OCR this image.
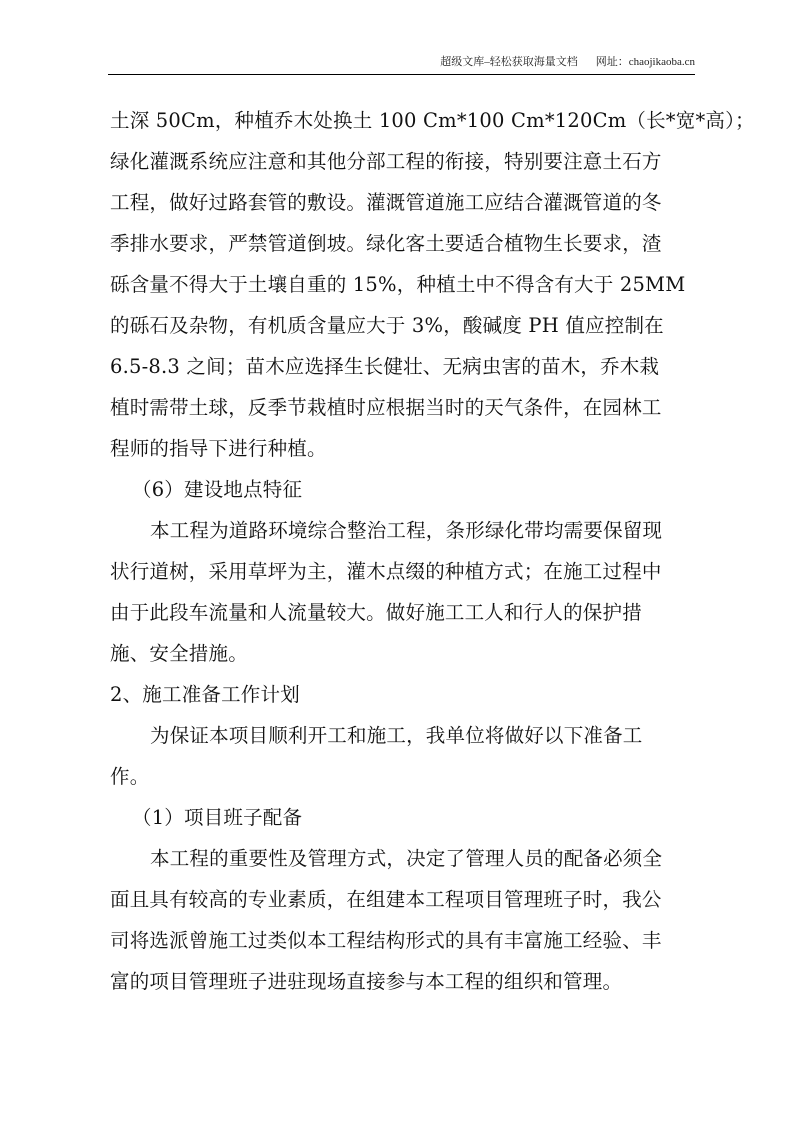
超级文库–轻松获取海量文档 网址：chaojikaoba.cn
土深 50Cm，种植乔木处换土 100 Cm*100 Cm*120Cm（长*宽*高）；
绿化灌溉系统应注意和其他分部工程的衔接，特别要注意土石方
工程，做好过路套管的敷设。灌溉管道施工应结合灌溉管道的冬
季排水要求，严禁管道倒坡。绿化客土要适合植物生长要求，渣
砾含量不得大于土壤自重的 15%，种植土中不得含有大于 25MM
的砾石及杂物，有机质含量应大于 3%，酸碱度 PH 值应控制在
6.5-8.3 之间；苗木应选择生长健壮、无病虫害的苗木，乔木栽
植时需带土球，反季节栽植时应根据当时的天气条件，在园林工
程师的指导下进行种植。
（6）建设地点特征
本工程为道路环境综合整治工程，条形绿化带均需要保留现
状行道树，采用草坪为主，灌木点缀的种植方式；在施工过程中
由于此段车流量和人流量较大。做好施工工人和行人的保护措
施、安全措施。
2、施工准备工作计划
为保证本项目顺利开工和施工，我单位将做好以下准备工
作。
（1）项目班子配备
本工程的重要性及管理方式，决定了管理人员的配备必须全
面且具有较高的专业素质，在组建本工程项目管理班子时，我公
司将选派曾施工过类似本工程结构形式的具有丰富施工经验、丰
富的项目管理班子进驻现场直接参与本工程的组织和管理。
